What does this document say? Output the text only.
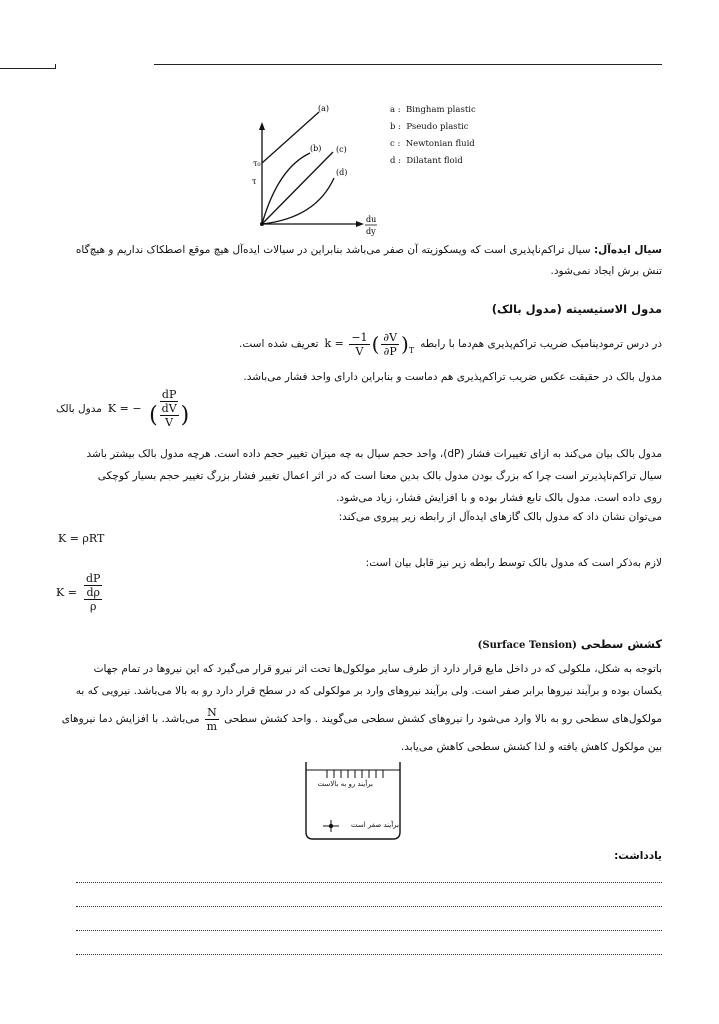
(a)
(b) (c)
(d)
τ₀
τ
du
dy
a : Bingham plastic
b : Pseudo plastic
c : Newtonian fluid
d : Dilatant floid
سیال ایده‌آل: سیال تراکم‌ناپذیری است که ویسکوزیته آن صفر می‌باشد بنابراین در سیالات ایده‌آل هیچ موقع اصطکاک نداریم و هیچ‌گاه
تنش برش ایجاد نمی‌شود.
مدول الاستیسیته (مدول بالک)
در درس ترمودینامیک ضریب تراکم‌پذیری هم‌دما با رابطه
$k = \frac{-1}{V}$ ( $\frac{\partial V}{\partial P} )_T$
تعریف شده است.
مدول بالک در حقیقت عکس ضریب تراکم‌پذیری هم دماست و بنابراین دارای واحد فشار می‌باشد.
مدول بالک K = − $\frac{dP}{( \frac{dV}{V} )}$
مدول بالک بیان می‌کند به ازای تغییرات فشار (dP)، واحد حجم سیال به چه میزان تغییر حجم داده است. هرچه مدول بالک بیشتر باشد
سیال تراکم‌ناپذیرتر است چرا که بزرگ بودن مدول بالک بدین معنا است که در اثر اعمال تغییر فشار بزرگ تغییر حجم بسیار کوچکی
روی داده است. مدول بالک تابع فشار بوده و با افزایش فشار، زیاد می‌شود.
می‌توان نشان داد که مدول بالک گازهای ایده‌آل از رابطه زیر پیروی می‌کند:
K = ρRT
لازم به‌ذکر است که مدول بالک توسط رابطه زیر نیز قابل بیان است:
$K = \frac{dP}{\frac{d\rho}{\rho}}$
کشش سطحی (Surface Tension)
باتوجه به شکل، ملکولی که در داخل مایع قرار دارد از طرف سایر مولکول‌ها تحت اثر نیرو قرار می‌گیرد که این نیروها در تمام جهات
یکسان بوده و برآیند نیروها برابر صفر است. ولی برآیند نیروهای وارد بر مولکولی که در سطح قرار دارد رو به بالا می‌باشد. نیرویی که به
مولکول‌های سطحی رو به بالا وارد می‌شود را نیروهای کشش سطحی می‌گویند . واحد کشش سطحی
$\frac{N}{m}$
می‌باشد. با افزایش دما نیروهای
بین مولکول کاهش یافته و لذا کشش سطحی کاهش می‌یابد.
برآیند رو به بالاست
برآیند صفر است
یادداشت:
